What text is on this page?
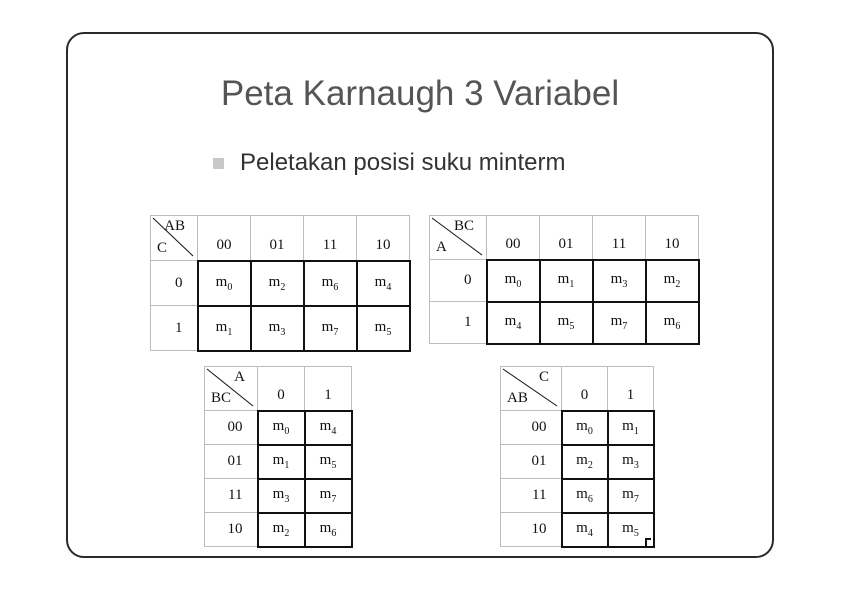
Peta Karnaugh 3 Variabel
Peletakan posisi suku minterm
AB
C	00	01	11	10
0	$m_0$	$m_2$	$m_6$	$m_4$
1	$m_1$	$m_3$	$m_7$	$m_5$
BC
A	00	01	11	10
0	$m_0$	$m_1$	$m_3$	$m_2$
1	$m_4$	$m_5$	$m_7$	$m_6$
A
BC	0	1
00	$m_0$	$m_4$
01	$m_1$	$m_5$
11	$m_3$	$m_7$
10	$m_2$	$m_6$
C
AB	0	1
00	$m_0$	$m_1$
01	$m_2$	$m_3$
11	$m_6$	$m_7$
10	$m_4$	$m_5$
